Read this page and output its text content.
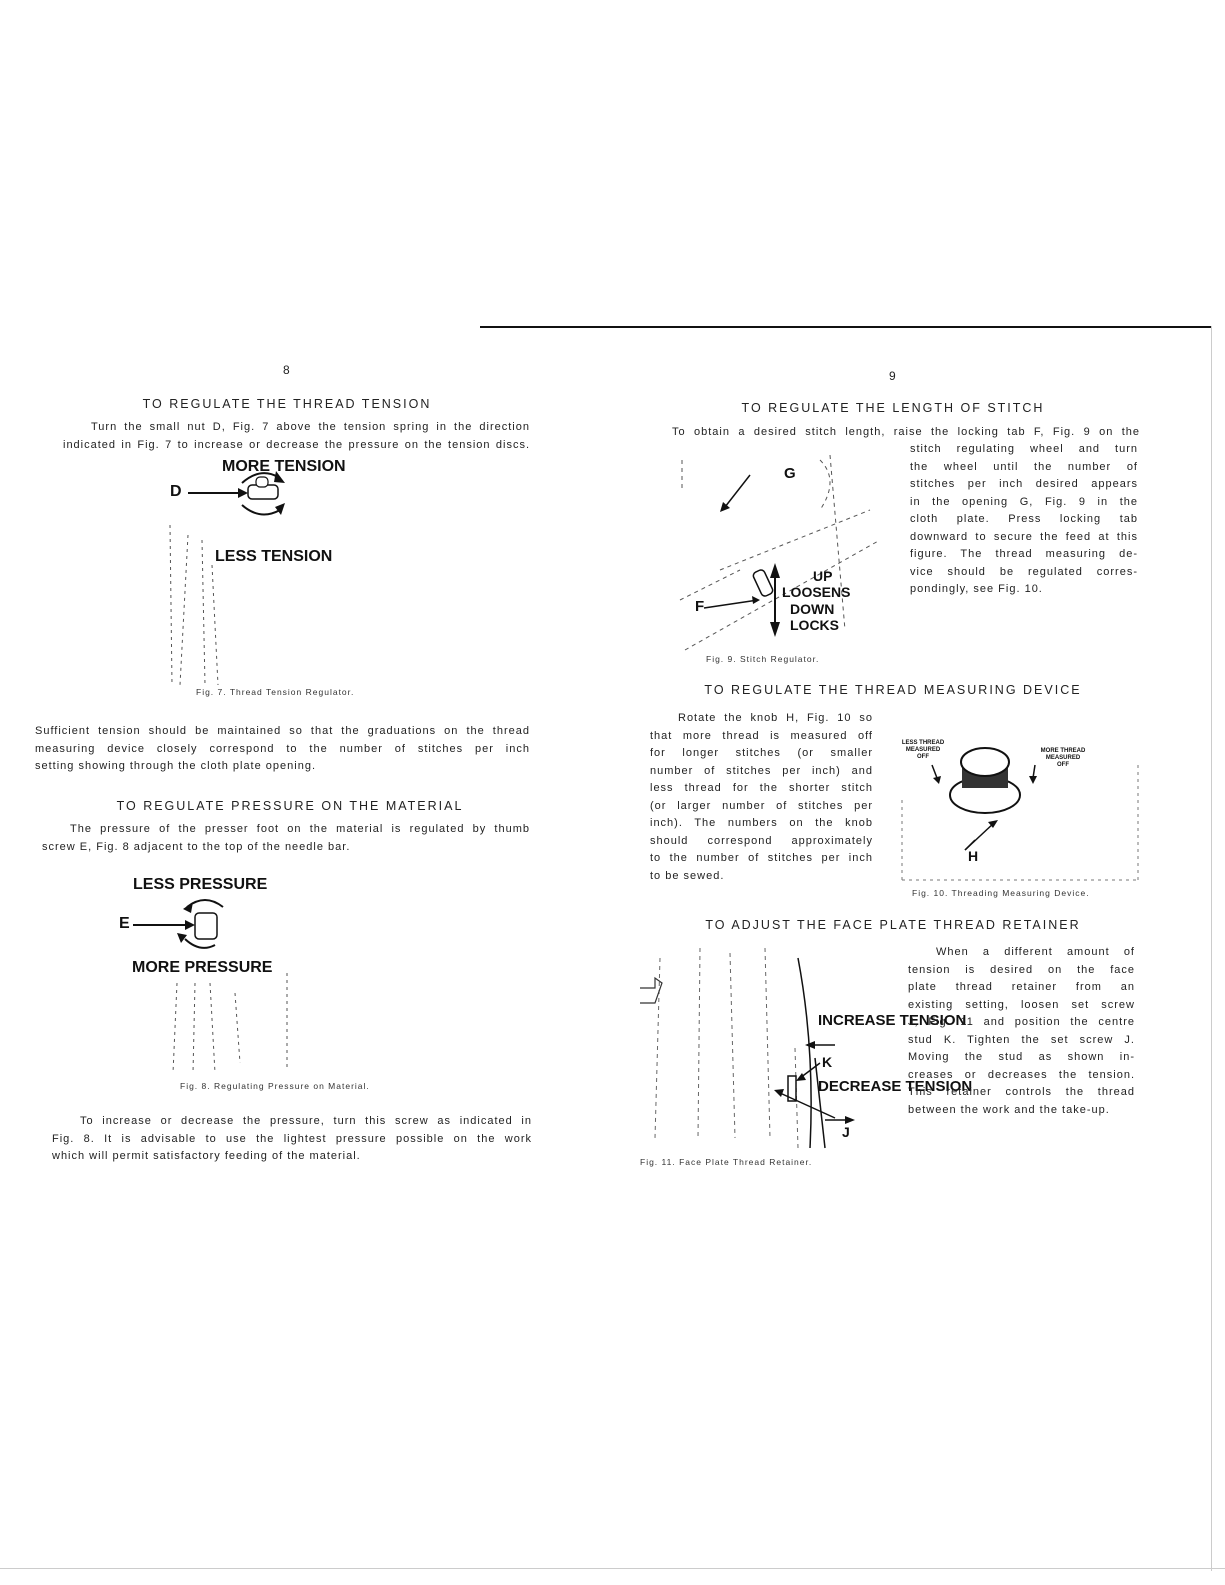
8
TO REGULATE THE THREAD TENSION
Turn the small nut D, Fig. 7 above the tension spring in the direction
indicated in Fig. 7 to increase or decrease the pressure on the tension discs.
MORE TENSION
D
LESS TENSION
Fig. 7. Thread Tension Regulator.
Sufficient tension should be maintained so that the graduations on the thread
measuring device closely correspond to the number of stitches per inch
setting showing through the cloth plate opening.
TO REGULATE PRESSURE ON THE MATERIAL
The pressure of the presser foot on the material is regulated by thumb
screw E, Fig. 8 adjacent to the top of the needle bar.
LESS PRESSURE
E
MORE PRESSURE
Fig. 8. Regulating Pressure on Material.
To increase or decrease the pressure, turn this screw as indicated in
Fig. 8. It is advisable to use the lightest pressure possible on the work
which will permit satisfactory feeding of the material.
9
TO REGULATE THE LENGTH OF STITCH
To obtain a desired stitch length, raise the locking tab F, Fig. 9 on the
stitch regulating wheel and turn
the wheel until the number of
stitches per inch desired appears
in the opening G, Fig. 9 in the
cloth plate. Press locking tab
downward to secure the feed at this
figure. The thread measuring de-
vice should be regulated corres-
pondingly, see Fig. 10.
G
F
UP
LOOSENS
DOWN
LOCKS
Fig. 9. Stitch Regulator.
TO REGULATE THE THREAD MEASURING DEVICE
Rotate the knob H, Fig. 10 so
that more thread is measured off
for longer stitches (or smaller
number of stitches per inch) and
less thread for the shorter stitch
(or larger number of stitches per
inch). The numbers on the knob
should correspond approximately
to the number of stitches per inch
to be sewed.
LESS THREAD MEASURED OFF
MORE THREAD MEASURED OFF
H
Fig. 10. Threading Measuring Device.
TO ADJUST THE FACE PLATE THREAD RETAINER
INCREASE TENSION
K
DECREASE TENSION
J
When a different amount of
tension is desired on the face
plate thread retainer from an
existing setting, loosen set screw
J, Fig. 11 and position the centre
stud K. Tighten the set screw J.
Moving the stud as shown in-
creases or decreases the tension.
This retainer controls the thread
between the work and the take-up.
Fig. 11. Face Plate Thread Retainer.
